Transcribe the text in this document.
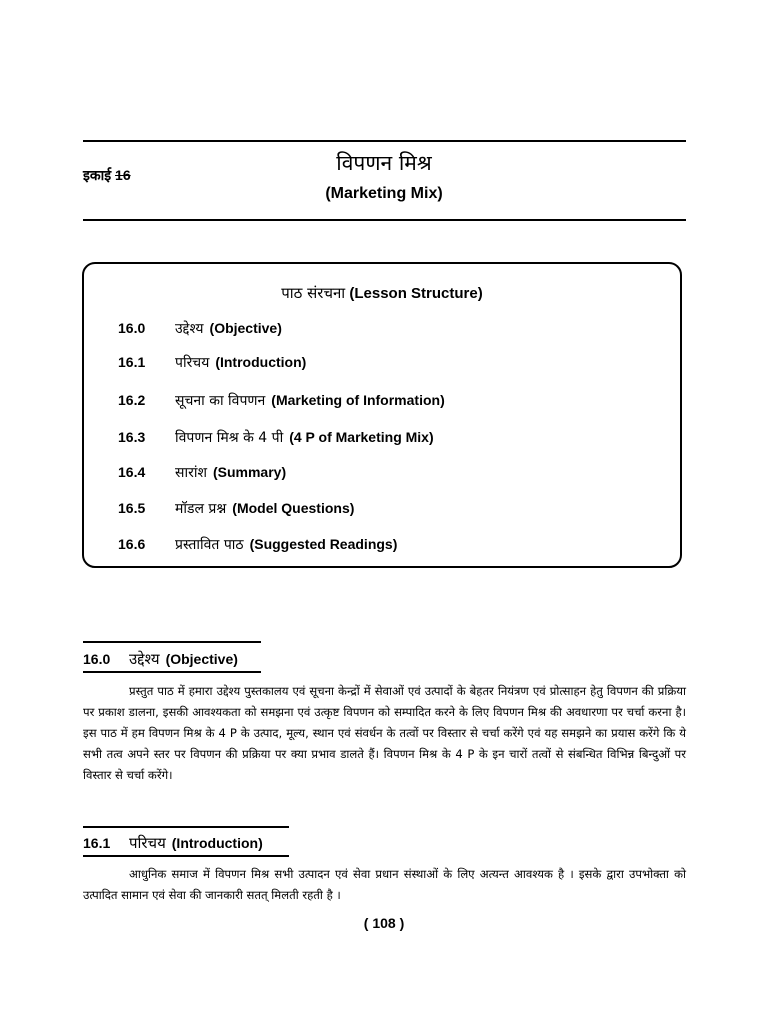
इकाई 16	विपणन मिश्र
(Marketing Mix)
पाठ संरचना (Lesson Structure)
16.0 उद्देश्य (Objective)
16.1 परिचय (Introduction)
16.2 सूचना का विपणन (Marketing of Information)
16.3 विपणन मिश्र के 4 पी (4 P of Marketing Mix)
16.4 सारांश (Summary)
16.5 मॉडल प्रश्न (Model Questions)
16.6 प्रस्तावित पाठ (Suggested Readings)
16.0 उद्देश्य (Objective)

प्रस्तुत पाठ में हमारा उद्देश्य पुस्तकालय एवं सूचना केन्द्रों में सेवाओं एवं उत्पादों के बेहतर नियंत्रण एवं प्रोत्साहन हेतु विपणन की प्रक्रिया पर प्रकाश डालना, इसकी आवश्यकता को समझना एवं उत्कृष्ट विपणन को सम्पादित करने के लिए विपणन मिश्र की अवधारणा पर चर्चा करना है। इस पाठ में हम विपणन मिश्र के 4 P के उत्पाद, मूल्य, स्थान एवं संवर्धन के तत्वों पर विस्तार से चर्चा करेंगे एवं यह समझने का प्रयास करेंगे कि ये सभी तत्व अपने स्तर पर विपणन की प्रक्रिया पर क्या प्रभाव डालते हैं। विपणन मिश्र के 4 P के इन चारों तत्वों से संबन्धित विभिन्न बिन्दुओं पर विस्तार से चर्चा करेंगे।

16.1 परिचय (Introduction)

आधुनिक समाज में विपणन मिश्र सभी उत्पादन एवं सेवा प्रधान संस्थाओं के लिए अत्यन्त आवश्यक है । इसके द्वारा उपभोक्ता को उत्पादित सामान एवं सेवा की जानकारी सतत् मिलती रहती है ।

( 108 )
